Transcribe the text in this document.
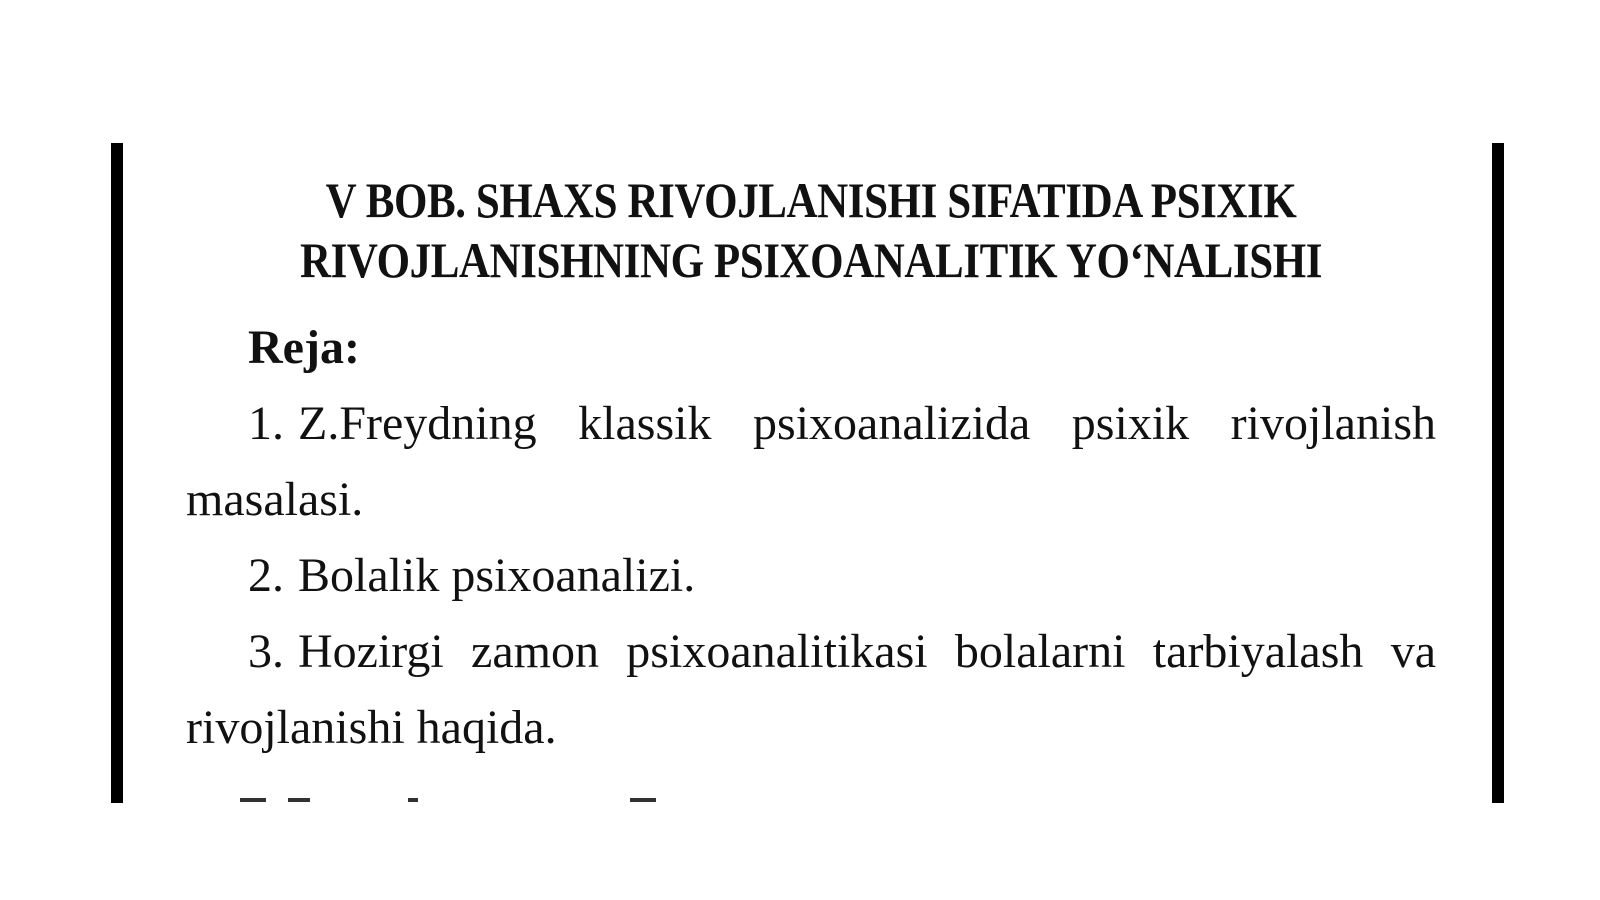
V BOB. SHAXS RIVOJLANISHI SIFATIDA PSIXIK
RIVOJLANISHNING PSIXOANALITIK YO‘NALISHI
Reja:
1. Z.Freydning klassik psixoanalizida psixik rivojlanish masalasi.
2. Bolalik psixoanalizi.
3. Hozirgi zamon psixoanalitikasi bolalarni tarbiyalash va rivojlanishi haqida.
